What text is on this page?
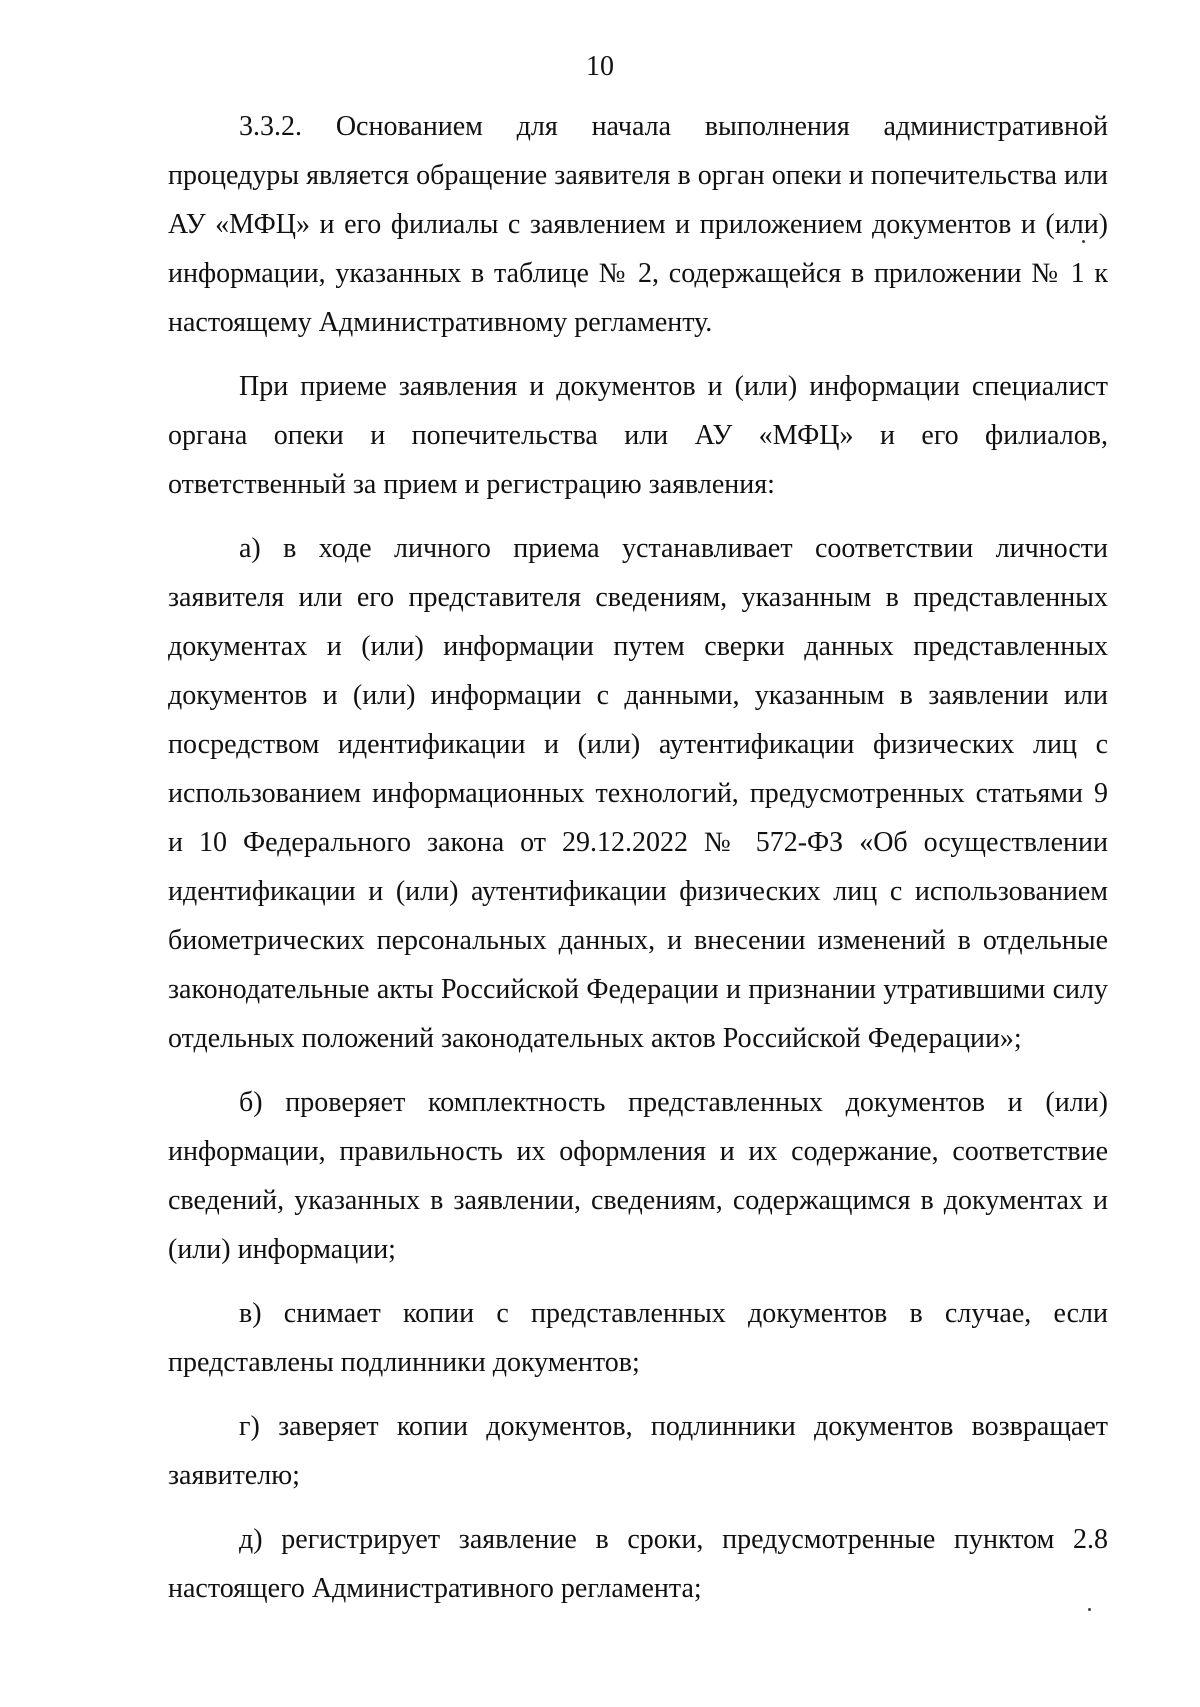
10

3.3.2. Основанием для начала выполнения административной процедуры является обращение заявителя в орган опеки и попечительства или АУ «МФЦ» и его филиалы с заявлением и приложением документов и (или) информации, указанных в таблице № 2, содержащейся в приложении № 1 к настоящему Административному регламенту.

При приеме заявления и документов и (или) информации специалист органа опеки и попечительства или АУ «МФЦ» и его филиалов, ответственный за прием и регистрацию заявления:

а) в ходе личного приема устанавливает соответствии личности заявителя или его представителя сведениям, указанным в представленных документах и (или) информации путем сверки данных представленных документов и (или) информации с данными, указанным в заявлении или посредством идентификации и (или) аутентификации физических лиц с использованием информационных технологий, предусмотренных статьями 9 и 10 Федерального закона от 29.12.2022 № 572-ФЗ «Об осуществлении идентификации и (или) аутентификации физических лиц с использованием биометрических персональных данных, и внесении изменений в отдельные законодательные акты Российской Федерации и признании утратившими силу отдельных положений законодательных актов Российской Федерации»;

б) проверяет комплектность представленных документов и (или) информации, правильность их оформления и их содержание, соответствие сведений, указанных в заявлении, сведениям, содержащимся в документах и (или) информации;

в) снимает копии с представленных документов в случае, если представлены подлинники документов;

г) заверяет копии документов, подлинники документов возвращает заявителю;

д) регистрирует заявление в сроки, предусмотренные пунктом 2.8 настоящего Административного регламента;
